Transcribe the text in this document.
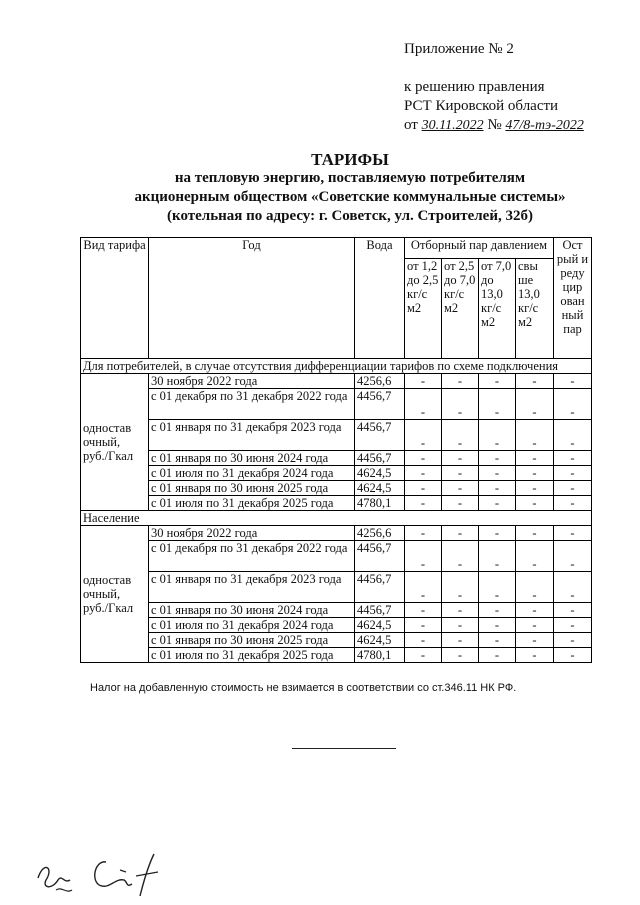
Приложение № 2
к решению правления
РСТ Кировской области
от 30.11.2022 № 47/8-тэ-2022
ТАРИФЫ
на тепловую энергию, поставляемую потребителям
акционерным обществом «Советские коммунальные системы»
(котельная по адресу: г. Советск, ул. Строителей, 32б)
Вид тарифа	Год	Вода	Отборный пар давлением				Ост рый и реду цир ован ный пар
			от 1,2 до 2,5 кг/с м2	от 2,5 до 7,0 кг/с м2	от 7,0 до 13,0 кг/с м2	свы ше 13,0 кг/с м2	
Для потребителей, в случае отсутствия дифференциации тарифов по схеме подключения							
одностав очный, руб./Гкал	30 ноября 2022 года	4256,6	-	-	-	-	-
	с 01 декабря по 31 декабря 2022 года	4456,7	-	-	-	-	-
	с 01 января по 31 декабря 2023 года	4456,7	-	-	-	-	-
	с 01 января по 30 июня 2024 года	4456,7	-	-	-	-	-
	с 01 июля по 31 декабря 2024 года	4624,5	-	-	-	-	-
	с 01 января по 30 июня 2025 года	4624,5	-	-	-	-	-
	с 01 июля по 31 декабря 2025 года	4780,1	-	-	-	-	-
Население							
одностав очный, руб./Гкал	30 ноября 2022 года	4256,6	-	-	-	-	-
	с 01 декабря по 31 декабря 2022 года	4456,7	-	-	-	-	-
	с 01 января по 31 декабря 2023 года	4456,7	-	-	-	-	-
	с 01 января по 30 июня 2024 года	4456,7	-	-	-	-	-
	с 01 июля по 31 декабря 2024 года	4624,5	-	-	-	-	-
	с 01 января по 30 июня 2025 года	4624,5	-	-	-	-	-
	с 01 июля по 31 декабря 2025 года	4780,1	-	-	-	-	-
Налог на добавленную стоимость не взимается в соответствии со ст.346.11 НК РФ.
